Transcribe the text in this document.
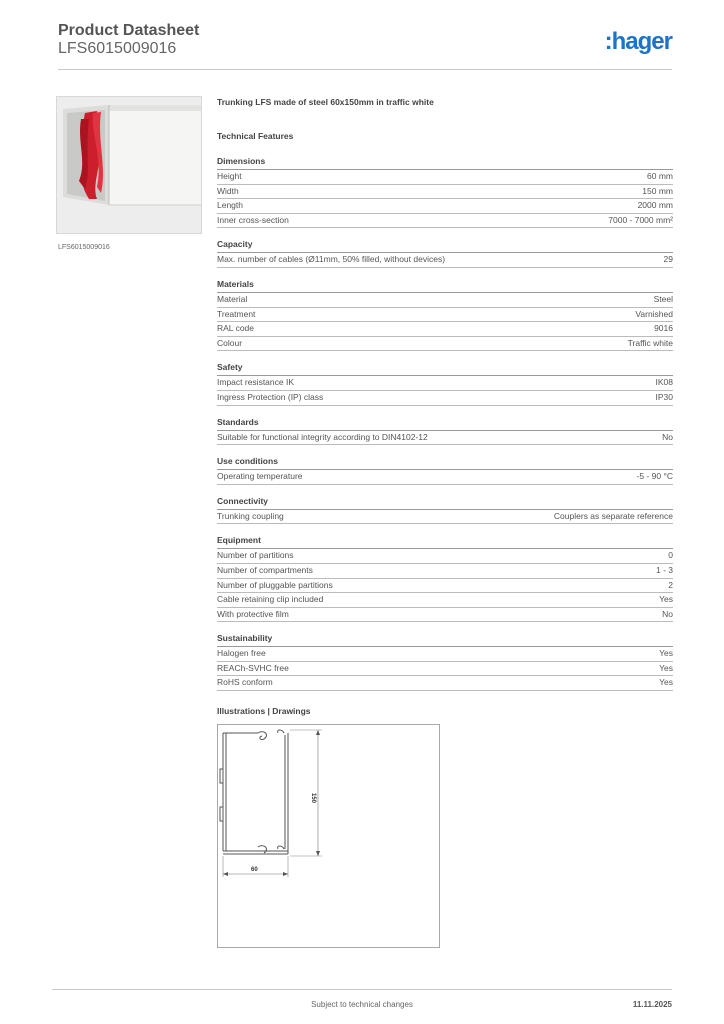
Product Datasheet
LFS6015009016	:hager
LFS6015009016
Trunking LFS made of steel 60x150mm in traffic white
Technical Features
Dimensions
Height	60 mm
Width	150 mm
Length	2000 mm
Inner cross-section	7000 - 7000 mm²
Capacity
Max. number of cables (Ø11mm, 50% filled, without devices)	29
Materials
Material	Steel
Treatment	Varnished
RAL code	9016
Colour	Traffic white
Safety
Impact resistance IK	IK08
Ingress Protection (IP) class	IP30
Standards
Suitable for functional integrity according to DIN4102-12	No
Use conditions
Operating temperature	-5 - 90 °C
Connectivity
Trunking coupling	Couplers as separate reference
Equipment
Number of partitions	0
Number of compartments	1 - 3
Number of pluggable partitions	2
Cable retaining clip included	Yes
With protective film	No
Sustainability
Halogen free	Yes
REACh-SVHC free	Yes
RoHS conform	Yes
Illustrations | Drawings
150
60
Subject to technical changes	11.11.2025
